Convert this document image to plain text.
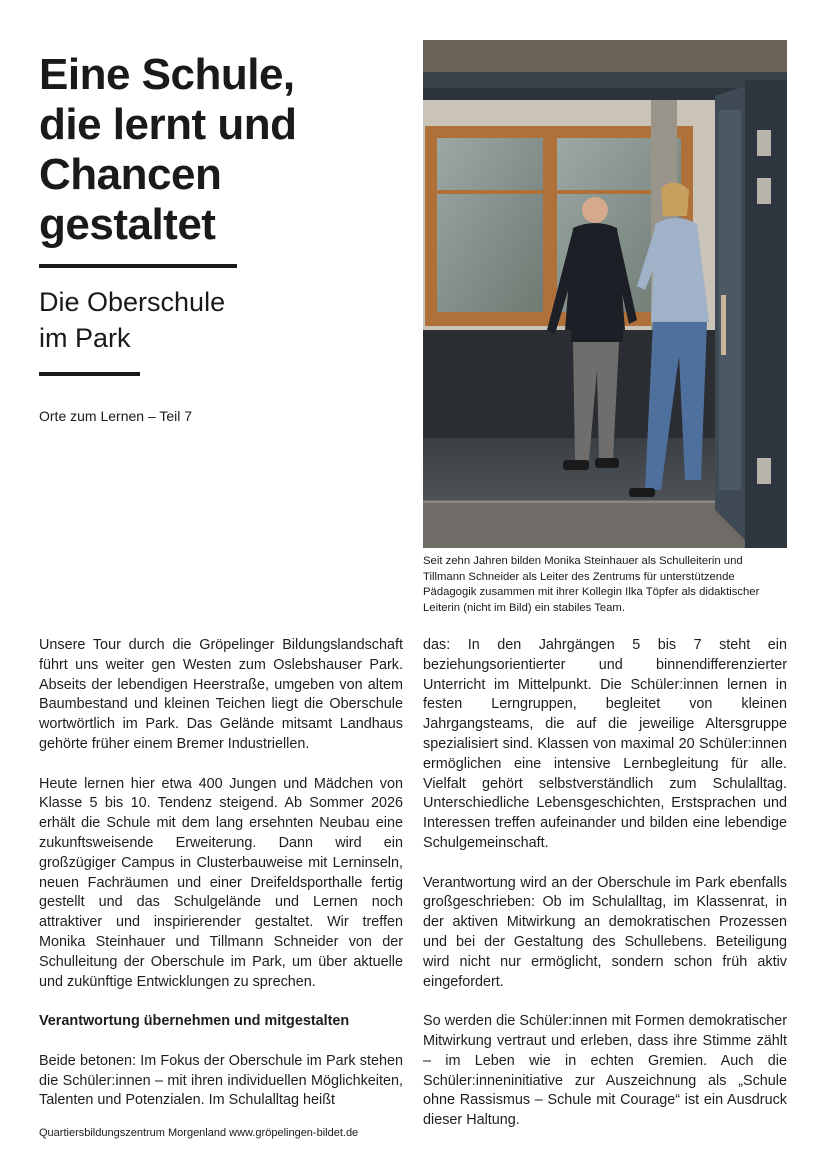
Eine Schule,
die lernt und
Chancen
gestaltet
Die Oberschule
im Park
Orte zum Lernen – Teil 7
Seit zehn Jahren bilden Monika Steinhauer als Schulleiterin und Tillmann Schneider als Leiter des Zentrums für unterstützende Pädagogik zusammen mit ihrer Kollegin Ilka Töpfer als didaktischer Leiterin (nicht im Bild) ein stabiles Team.

Unsere Tour durch die Gröpelinger Bildungslandschaft führt uns weiter gen Westen zum Oslebshauser Park. Abseits der lebendigen Heerstraße, umgeben von altem Baumbestand und kleinen Teichen liegt die Oberschule wortwörtlich im Park. Das Gelände mitsamt Landhaus gehörte früher einem Bremer Industriellen.

Heute lernen hier etwa 400 Jungen und Mädchen von Klasse 5 bis 10. Tendenz steigend. Ab Sommer 2026 erhält die Schule mit dem lang ersehnten Neubau eine zukunftsweisende Erweiterung. Dann wird ein großzügiger Campus in Clusterbauweise mit Lerninseln, neuen Fachräumen und einer Dreifeldsporthalle fertig gestellt und das Schulgelände und Lernen noch attraktiver und inspirierender gestaltet. Wir treffen Monika Steinhauer und Tillmann Schneider von der Schulleitung der Oberschule im Park, um über aktuelle und zukünftige Entwicklungen zu sprechen.

Verantwortung übernehmen und mitgestalten

Beide betonen: Im Fokus der Oberschule im Park stehen die Schüler:innen – mit ihren individuellen Möglichkeiten, Talenten und Potenzialen. Im Schulalltag heißt

das: In den Jahrgängen 5 bis 7 steht ein beziehungsorientierter und binnendifferenzierter Unterricht im Mittelpunkt. Die Schüler:innen lernen in festen Lerngruppen, begleitet von kleinen Jahrgangsteams, die auf die jeweilige Altersgruppe spezialisiert sind. Klassen von maximal 20 Schüler:innen ermöglichen eine intensive Lernbegleitung für alle. Vielfalt gehört selbstverständlich zum Schulalltag. Unterschiedliche Lebensgeschichten, Erstsprachen und Interessen treffen aufeinander und bilden eine lebendige Schulgemeinschaft.

Verantwortung wird an der Oberschule im Park ebenfalls großgeschrieben: Ob im Schulalltag, im Klassenrat, in der aktiven Mitwirkung an demokratischen Prozessen und bei der Gestaltung des Schullebens. Beteiligung wird nicht nur ermöglicht, sondern schon früh aktiv eingefordert.

So werden die Schüler:innen mit Formen demokratischer Mitwirkung vertraut und erleben, dass ihre Stimme zählt – im Leben wie in echten Gremien. Auch die Schüler:inneninitiative zur Auszeichnung als „Schule ohne Rassismus – Schule mit Courage“ ist ein Ausdruck dieser Haltung.

Quartiersbildungszentrum Morgenland www.gröpelingen-bildet.de
